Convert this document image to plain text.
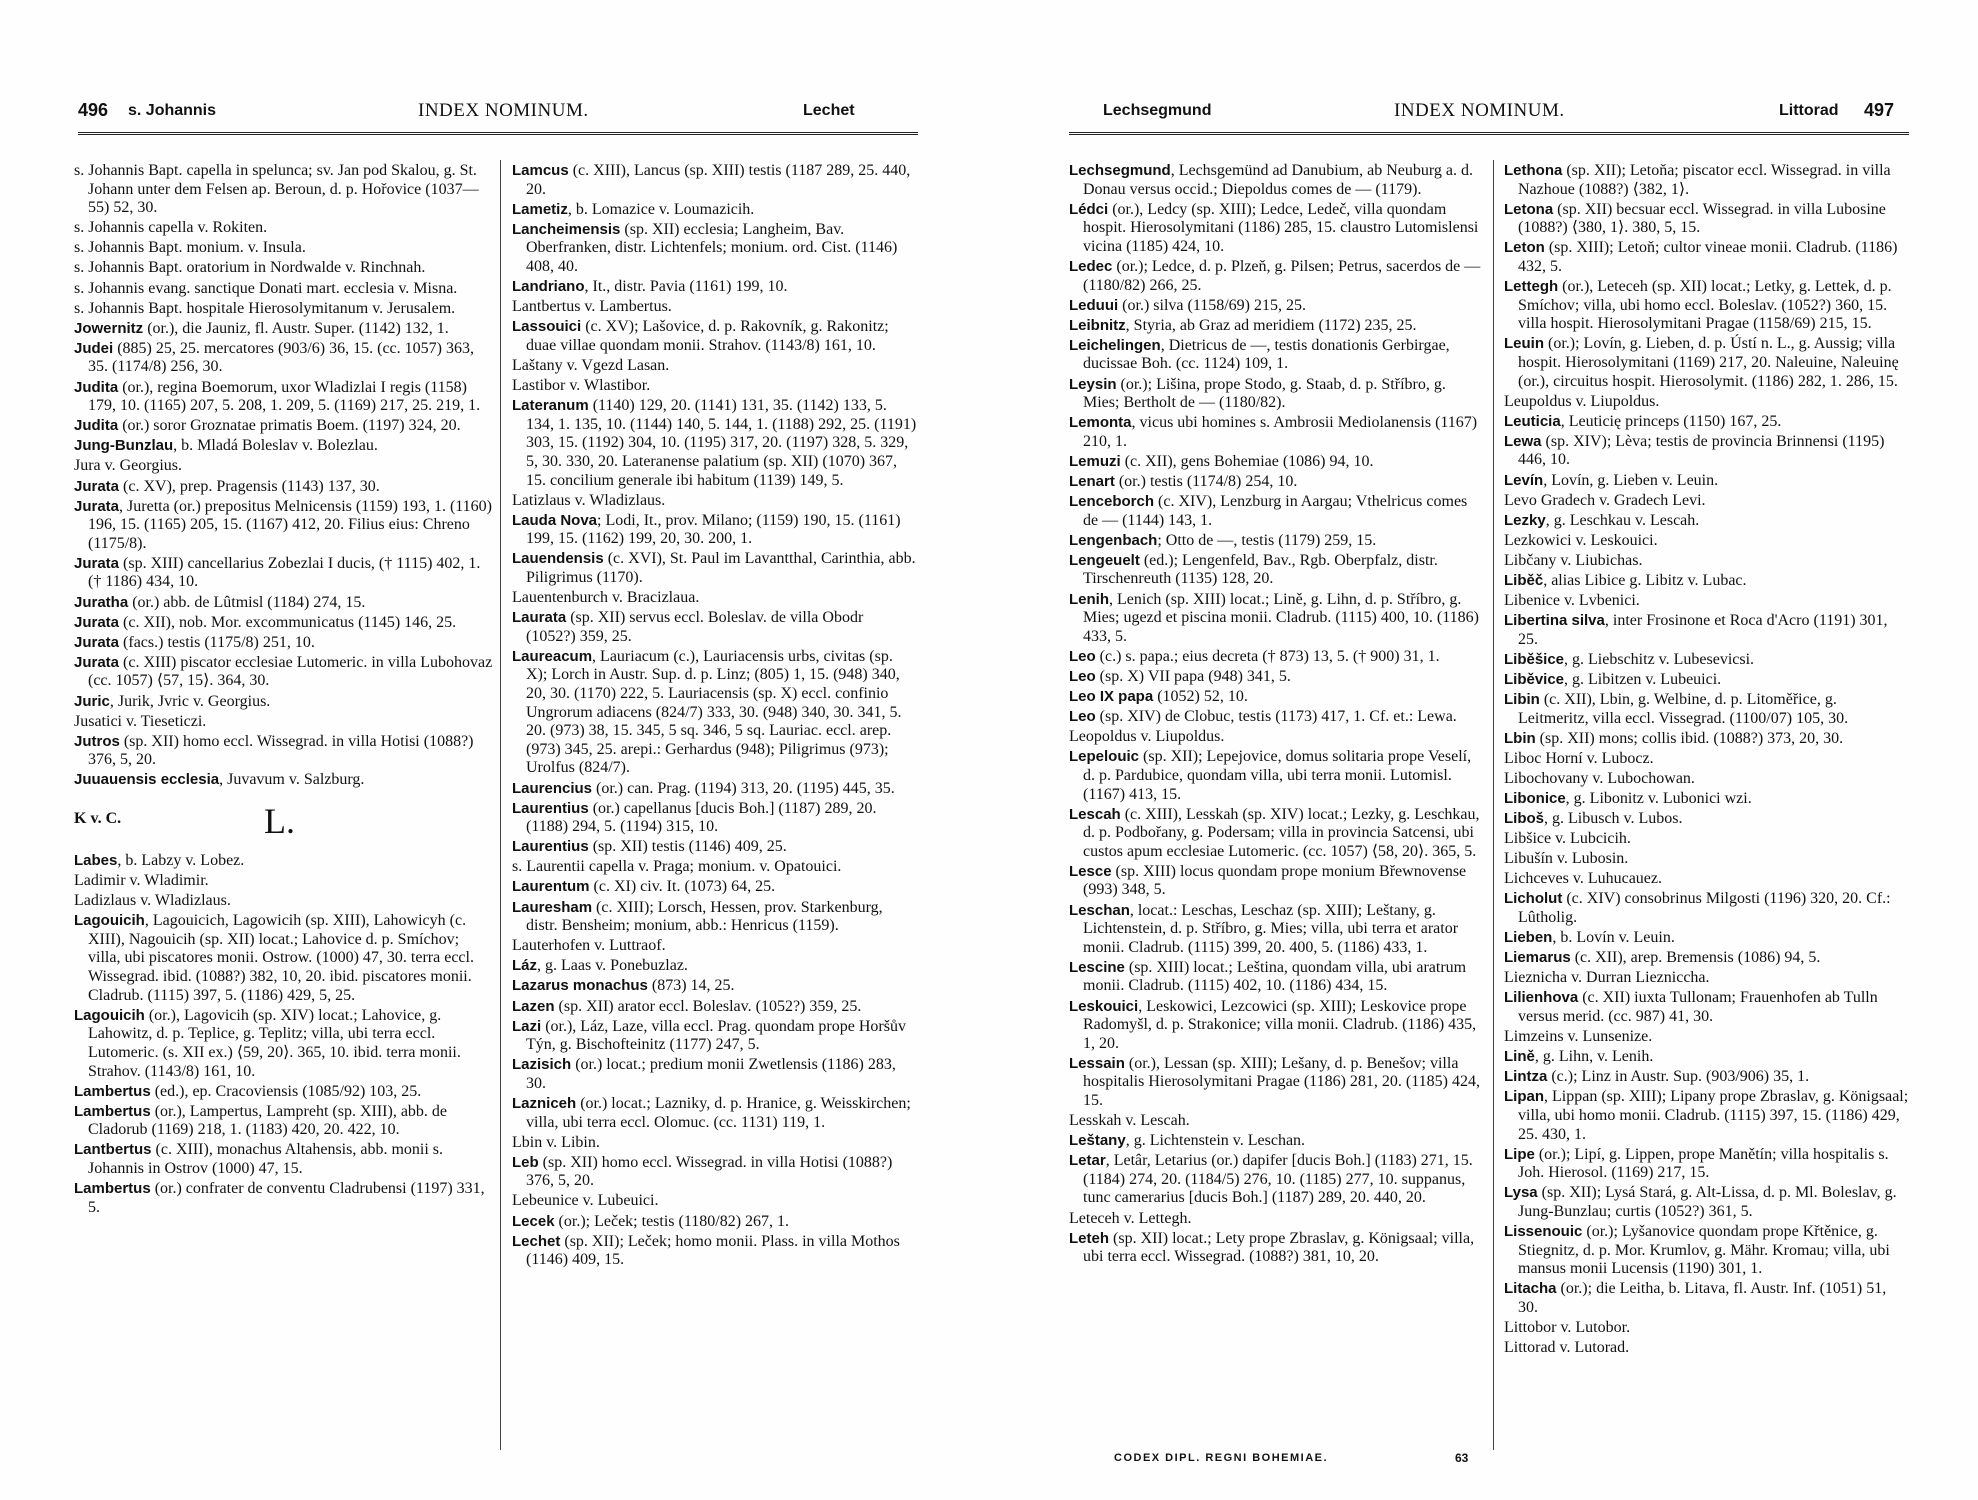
496 s. Johannis	INDEX NOMINUM.	Lechet
s. Johannis Bapt. capella in spelunca; sv. Jan pod Skalou, g. St. Johann unter dem Felsen ap. Beroun, d. p. Hořovice (1037—55) 52, 30.
s. Johannis capella v. Rokiten.
s. Johannis Bapt. monium. v. Insula.
s. Johannis Bapt. oratorium in Nordwalde v. Rinchnah.
s. Johannis evang. sanctique Donati mart. ecclesia v. Misna.
s. Johannis Bapt. hospitale Hierosolymitanum v. Jerusalem.
Jowernitz (or.), die Jauniz, fl. Austr. Super. (1142) 132, 1.
Judei (885) 25, 25. mercatores (903/6) 36, 15. (cc. 1057) 363, 35. (1174/8) 256, 30.
Judita (or.), regina Boemorum, uxor Wladizlai I regis (1158) 179, 10. (1165) 207, 5. 208, 1. 209, 5. (1169) 217, 25. 219, 1.
Judita (or.) soror Groznatae primatis Boem. (1197) 324, 20.
Jung-Bunzlau, b. Mladá Boleslav v. Bolezlau.
Jura v. Georgius.
Jurata (c. XV), prep. Pragensis (1143) 137, 30.
Jurata, Juretta (or.) prepositus Melnicensis (1159) 193, 1. (1160) 196, 15. (1165) 205, 15. (1167) 412, 20. Filius eius: Chreno (1175/8).
Jurata (sp. XIII) cancellarius Zobezlai I ducis, († 1115) 402, 1. († 1186) 434, 10.
Juratha (or.) abb. de Lûtmisl (1184) 274, 15.
Jurata (c. XII), nob. Mor. excommunicatus (1145) 146, 25.
Jurata (facs.) testis (1175/8) 251, 10.
Jurata (c. XIII) piscator ecclesiae Lutomeric. in villa Lubohovaz (cc. 1057) ⟨57, 15⟩. 364, 30.
Juric, Jurik, Jvric v. Georgius.
Jusatici v. Tieseticzi.
Jutros (sp. XII) homo eccl. Wissegrad. in villa Hotisi (1088?) 376, 5, 20.
Juuauensis ecclesia, Juvavum v. Salzburg.
K v. C.	L.
Labes, b. Labzy v. Lobez.
Ladimir v. Wladimir.
Ladizlaus v. Wladizlaus.
Lagouicih, Lagouicich, Lagowicih (sp. XIII), Lahowicyh (c. XIII), Nagouicih (sp. XII) locat.; Lahovice d. p. Smíchov; villa, ubi piscatores monii. Ostrow. (1000) 47, 30. terra eccl. Wissegrad. ibid. (1088?) 382, 10, 20. ibid. piscatores monii. Cladrub. (1115) 397, 5. (1186) 429, 5, 25.
Lagouicih (or.), Lagovicih (sp. XIV) locat.; Lahovice, g. Lahowitz, d. p. Teplice, g. Teplitz; villa, ubi terra eccl. Lutomeric. (s. XII ex.) ⟨59, 20⟩. 365, 10. ibid. terra monii. Strahov. (1143/8) 161, 10.
Lambertus (ed.), ep. Cracoviensis (1085/92) 103, 25.
Lambertus (or.), Lampertus, Lampreht (sp. XIII), abb. de Cladorub (1169) 218, 1. (1183) 420, 20. 422, 10.
Lantbertus (c. XIII), monachus Altahensis, abb. monii s. Johannis in Ostrov (1000) 47, 15.
Lambertus (or.) confrater de conventu Cladrubensi (1197) 331, 5.
Lamcus (c. XIII), Lancus (sp. XIII) testis (1187 289, 25. 440, 20.
Lametiz, b. Lomazice v. Loumazicih.
Lancheimensis (sp. XII) ecclesia; Langheim, Bav. Oberfranken, distr. Lichtenfels; monium. ord. Cist. (1146) 408, 40.
Landriano, It., distr. Pavia (1161) 199, 10.
Lantbertus v. Lambertus.
Lassouici (c. XV); Lašovice, d. p. Rakovník, g. Rakonitz; duae villae quondam monii. Strahov. (1143/8) 161, 10.
Laštany v. Vgezd Lasan.
Lastibor v. Wlastibor.
Lateranum (1140) 129, 20. (1141) 131, 35. (1142) 133, 5. 134, 1. 135, 10. (1144) 140, 5. 144, 1. (1188) 292, 25. (1191) 303, 15. (1192) 304, 10. (1195) 317, 20. (1197) 328, 5. 329, 5, 30. 330, 20. Lateranense palatium (sp. XII) (1070) 367, 15. concilium generale ibi habitum (1139) 149, 5.
Latizlaus v. Wladizlaus.
Lauda Nova; Lodi, It., prov. Milano; (1159) 190, 15. (1161) 199, 15. (1162) 199, 20, 30. 200, 1.
Lauendensis (c. XVI), St. Paul im Lavantthal, Carinthia, abb. Piligrimus (1170).
Lauentenburch v. Bracizlaua.
Laurata (sp. XII) servus eccl. Boleslav. de villa Obodr (1052?) 359, 25.
Laureacum, Lauriacum (c.), Lauriacensis urbs, civitas (sp. X); Lorch in Austr. Sup. d. p. Linz; (805) 1, 15. (948) 340, 20, 30. (1170) 222, 5. Lauriacensis (sp. X) eccl. confinio Ungrorum adiacens (824/7) 333, 30. (948) 340, 30. 341, 5. 20. (973) 38, 15. 345, 5 sq. 346, 5 sq. Lauriac. eccl. arep. (973) 345, 25. arepi.: Gerhardus (948); Piligrimus (973); Urolfus (824/7).
Laurencius (or.) can. Prag. (1194) 313, 20. (1195) 445, 35.
Laurentius (or.) capellanus [ducis Boh.] (1187) 289, 20. (1188) 294, 5. (1194) 315, 10.
Laurentius (sp. XII) testis (1146) 409, 25.
s. Laurentii capella v. Praga; monium. v. Opatouici.
Laurentum (c. XI) civ. It. (1073) 64, 25.
Lauresham (c. XIII); Lorsch, Hessen, prov. Starkenburg, distr. Bensheim; monium, abb.: Henricus (1159).
Lauterhofen v. Luttraof.
Láz, g. Laas v. Ponebuzlaz.
Lazarus monachus (873) 14, 25.
Lazen (sp. XII) arator eccl. Boleslav. (1052?) 359, 25.
Lazi (or.), Láz, Laze, villa eccl. Prag. quondam prope Horšův Týn, g. Bischofteinitz (1177) 247, 5.
Lazisich (or.) locat.; predium monii Zwetlensis (1186) 283, 30.
Lazniceh (or.) locat.; Lazniky, d. p. Hranice, g. Weisskirchen; villa, ubi terra eccl. Olomuc. (cc. 1131) 119, 1.
Lbin v. Libin.
Leb (sp. XII) homo eccl. Wissegrad. in villa Hotisi (1088?) 376, 5, 20.
Lebeunice v. Lubeuici.
Lecek (or.); Leček; testis (1180/82) 267, 1.
Lechet (sp. XII); Leček; homo monii. Plass. in villa Mothos (1146) 409, 15.
Lechsegmund	INDEX NOMINUM.	Littorad 497
Lechsegmund, Lechsgemünd ad Danubium, ab Neuburg a. d. Donau versus occid.; Diepoldus comes de — (1179).
Lédci (or.), Ledcy (sp. XIII); Ledce, Ledeč, villa quondam hospit. Hierosolymitani (1186) 285, 15. claustro Lutomislensi vicina (1185) 424, 10.
Ledec (or.); Ledce, d. p. Plzeň, g. Pilsen; Petrus, sacerdos de — (1180/82) 266, 25.
Leduui (or.) silva (1158/69) 215, 25.
Leibnitz, Styria, ab Graz ad meridiem (1172) 235, 25.
Leichelingen, Dietricus de —, testis donationis Gerbirgae, ducissae Boh. (cc. 1124) 109, 1.
Leysin (or.); Lišina, prope Stodo, g. Staab, d. p. Stříbro, g. Mies; Bertholt de — (1180/82).
Lemonta, vicus ubi homines s. Ambrosii Mediolanensis (1167) 210, 1.
Lemuzi (c. XII), gens Bohemiae (1086) 94, 10.
Lenart (or.) testis (1174/8) 254, 10.
Lenceborch (c. XIV), Lenzburg in Aargau; Vthelricus comes de — (1144) 143, 1.
Lengenbach; Otto de —, testis (1179) 259, 15.
Lengeuelt (ed.); Lengenfeld, Bav., Rgb. Oberpfalz, distr. Tirschenreuth (1135) 128, 20.
Lenih, Lenich (sp. XIII) locat.; Lině, g. Lihn, d. p. Stříbro, g. Mies; ugezd et piscina monii. Cladrub. (1115) 400, 10. (1186) 433, 5.
Leo (c.) s. papa.; eius decreta († 873) 13, 5. († 900) 31, 1.
Leo (sp. X) VII papa (948) 341, 5.
Leo IX papa (1052) 52, 10.
Leo (sp. XIV) de Clobuc, testis (1173) 417, 1. Cf. et.: Lewa.
Leopoldus v. Liupoldus.
Lepelouic (sp. XII); Lepejovice, domus solitaria prope Veselí, d. p. Pardubice, quondam villa, ubi terra monii. Lutomisl. (1167) 413, 15.
Lescah (c. XIII), Lesskah (sp. XIV) locat.; Lezky, g. Leschkau, d. p. Podbořany, g. Podersam; villa in provincia Satcensi, ubi custos apum ecclesiae Lutomeric. (cc. 1057) ⟨58, 20⟩. 365, 5.
Lesce (sp. XIII) locus quondam prope monium Břewnovense (993) 348, 5.
Leschan, locat.: Leschas, Leschaz (sp. XIII); Leštany, g. Lichtenstein, d. p. Stříbro, g. Mies; villa, ubi terra et arator monii. Cladrub. (1115) 399, 20. 400, 5. (1186) 433, 1.
Lescine (sp. XIII) locat.; Leština, quondam villa, ubi aratrum monii. Cladrub. (1115) 402, 10. (1186) 434, 15.
Leskouici, Leskowici, Lezcowici (sp. XIII); Leskovice prope Radomyšl, d. p. Strakonice; villa monii. Cladrub. (1186) 435, 1, 20.
Lessain (or.), Lessan (sp. XIII); Lešany, d. p. Benešov; villa hospitalis Hierosolymitani Pragae (1186) 281, 20. (1185) 424, 15.
Lesskah v. Lescah.
Leštany, g. Lichtenstein v. Leschan.
Letar, Letâr, Letarius (or.) dapifer [ducis Boh.] (1183) 271, 15. (1184) 274, 20. (1184/5) 276, 10. (1185) 277, 10. suppanus, tunc camerarius [ducis Boh.] (1187) 289, 20. 440, 20.
Leteceh v. Lettegh.
Leteh (sp. XII) locat.; Lety prope Zbraslav, g. Königsaal; villa, ubi terra eccl. Wissegrad. (1088?) 381, 10, 20.
Lethona (sp. XII); Letoňa; piscator eccl. Wissegrad. in villa Nazhoue (1088?) ⟨382, 1⟩.
Letona (sp. XII) becsuar eccl. Wissegrad. in villa Lubosine (1088?) ⟨380, 1⟩. 380, 5, 15.
Leton (sp. XIII); Letoň; cultor vineae monii. Cladrub. (1186) 432, 5.
Lettegh (or.), Leteceh (sp. XII) locat.; Letky, g. Lettek, d. p. Smíchov; villa, ubi homo eccl. Boleslav. (1052?) 360, 15. villa hospit. Hierosolymitani Pragae (1158/69) 215, 15.
Leuin (or.); Lovín, g. Lieben, d. p. Ústí n. L., g. Aussig; villa hospit. Hierosolymitani (1169) 217, 20. Naleuine, Naleuinę (or.), circuitus hospit. Hierosolymit. (1186) 282, 1. 286, 15.
Leupoldus v. Liupoldus.
Leuticia, Leuticię princeps (1150) 167, 25.
Lewa (sp. XIV); Lèva; testis de provincia Brinnensi (1195) 446, 10.
Levín, Lovín, g. Lieben v. Leuin.
Levo Gradech v. Gradech Levi.
Lezky, g. Leschkau v. Lescah.
Lezkowici v. Leskouici.
Libčany v. Liubichas.
Liběč, alias Libice g. Libitz v. Lubac.
Libenice v. Lvbenici.
Libertina silva, inter Frosinone et Roca d'Acro (1191) 301, 25.
Liběšice, g. Liebschitz v. Lubesevicsi.
Liběvice, g. Libitzen v. Lubeuici.
Libin (c. XII), Lbin, g. Welbine, d. p. Litoměřice, g. Leitmeritz, villa eccl. Vissegrad. (1100/07) 105, 30.
Lbin (sp. XII) mons; collis ibid. (1088?) 373, 20, 30.
Liboc Horní v. Lubocz.
Libochovany v. Lubochowan.
Libonice, g. Libonitz v. Lubonici wzi.
Liboš, g. Libusch v. Lubos.
Libšice v. Lubcicih.
Libušín v. Lubosin.
Lichceves v. Luhucauez.
Licholut (c. XIV) consobrinus Milgosti (1196) 320, 20. Cf.: Lûtholig.
Lieben, b. Lovín v. Leuin.
Liemarus (c. XII), arep. Bremensis (1086) 94, 5.
Lieznicha v. Durran Liezniccha.
Lilienhova (c. XII) iuxta Tullonam; Frauenhofen ab Tulln versus merid. (cc. 987) 41, 30.
Limzeins v. Lunsenize.
Lině, g. Lihn, v. Lenih.
Lintza (c.); Linz in Austr. Sup. (903/906) 35, 1.
Lipan, Lippan (sp. XIII); Lipany prope Zbraslav, g. Königsaal; villa, ubi homo monii. Cladrub. (1115) 397, 15. (1186) 429, 25. 430, 1.
Lipe (or.); Lipí, g. Lippen, prope Manětín; villa hospitalis s. Joh. Hierosol. (1169) 217, 15.
Lysa (sp. XII); Lysá Stará, g. Alt-Lissa, d. p. Ml. Boleslav, g. Jung-Bunzlau; curtis (1052?) 361, 5.
Lissenouic (or.); Lyšanovice quondam prope Křtěnice, g. Stiegnitz, d. p. Mor. Krumlov, g. Mähr. Kromau; villa, ubi mansus monii Lucensis (1190) 301, 1.
Litacha (or.); die Leitha, b. Litava, fl. Austr. Inf. (1051) 51, 30.
Littobor v. Lutobor.
Littorad v. Lutorad.
CODEX DIPL. REGNI BOHEMIAE.	63
